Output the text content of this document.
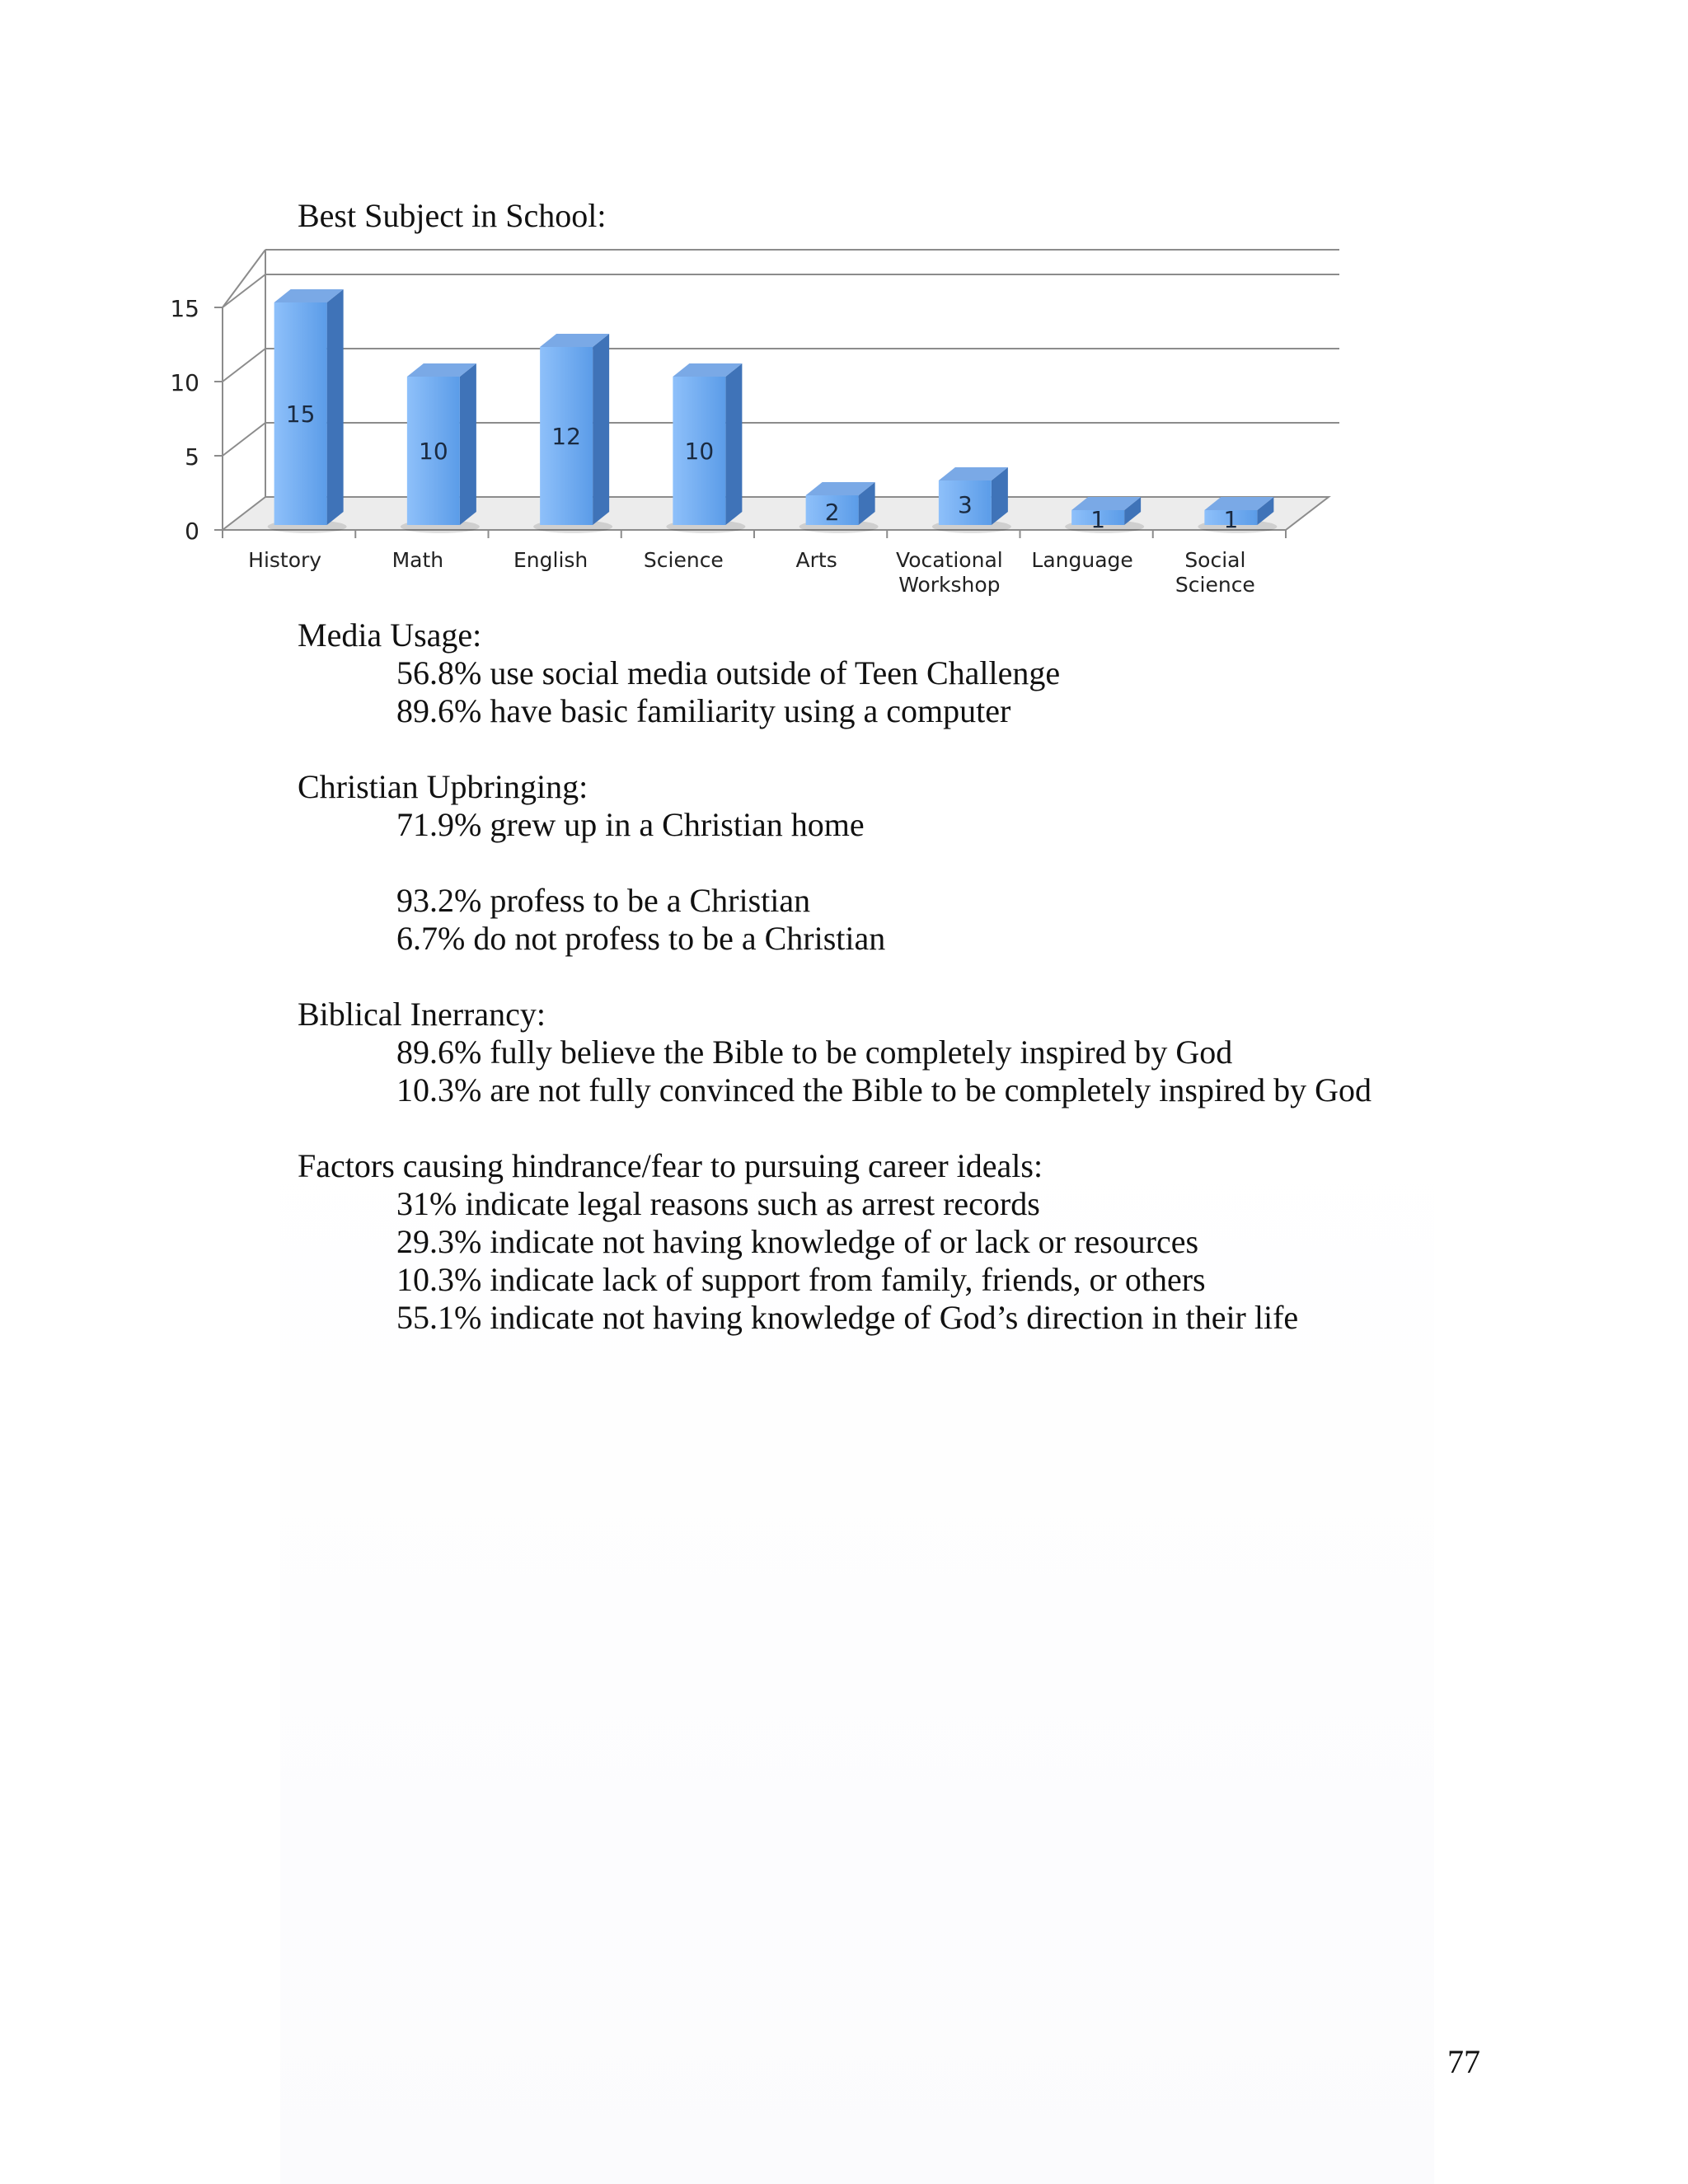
Best Subject in School:
0
5
10
15
15
History
10
Math
12
English
10
Science
2
Arts
3
Vocational
Workshop
1
Language
1
Social
Science
Media Usage:
56.8% use social media outside of Teen Challenge
89.6% have basic familiarity using a computer
Christian Upbringing:
71.9% grew up in a Christian home
93.2% profess to be a Christian
6.7% do not profess to be a Christian
Biblical Inerrancy:
89.6% fully believe the Bible to be completely inspired by God
10.3% are not fully convinced the Bible to be completely inspired by God
Factors causing hindrance/fear to pursuing career ideals:
31% indicate legal reasons such as arrest records
29.3% indicate not having knowledge of or lack or resources
10.3% indicate lack of support from family, friends, or others
55.1% indicate not having knowledge of God’s direction in their life
77
